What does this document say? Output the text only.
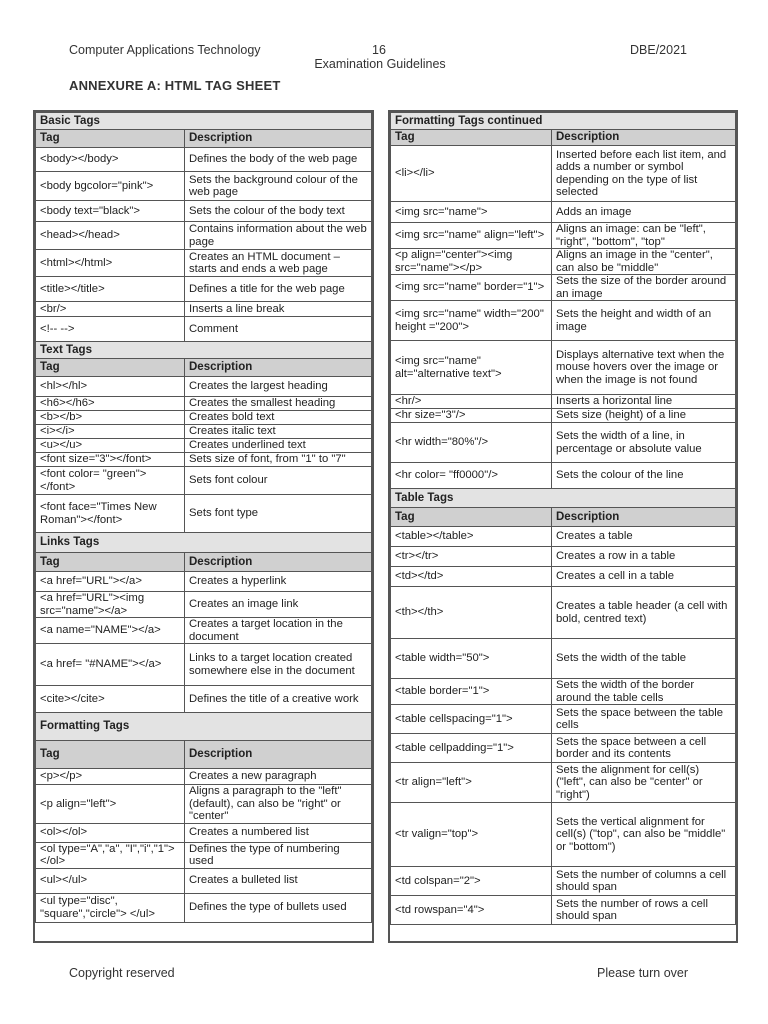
Computer Applications Technology	16	DBE/2021
Examination Guidelines
ANNEXURE A: HTML TAG SHEET
Basic Tags	
Tag	Description
<body></body>	Defines the body of the web page
<body bgcolor="pink">	Sets the background colour of the web page
<body text="black">	Sets the colour of the body text
<head></head>	Contains information about the web page
<html></html>	Creates an HTML document – starts and ends a web page
<title></title>	Defines a title for the web page
<br/>	Inserts a line break
<!-- -->	Comment
Text Tags	
Tag	Description
<hl></hl>	Creates the largest heading
<h6></h6>	Creates the smallest heading
<b></b>	Creates bold text
<i></i>	Creates italic text
<u></u>	Creates underlined text
<font size="3"></font>	Sets size of font, from "1" to "7"
<font color= "green"></font>	Sets font colour
<font face="Times New Roman"></font>	Sets font type
Links Tags	
Tag	Description
<a href="URL"></a>	Creates a hyperlink
<a href="URL"><img src="name"></a>	Creates an image link
<a name="NAME"></a>	Creates a target location in the document
<a href= "#NAME"></a>	Links to a target location created somewhere else in the document
<cite></cite>	Defines the title of a creative work
Formatting Tags	
Tag	Description
<p></p>	Creates a new paragraph
<p align="left">	Aligns a paragraph to the "left" (default), can also be "right" or "center"
<ol></ol>	Creates a numbered list
<ol type="A","a", "I","i","1"></ol>	Defines the type of numbering used
<ul></ul>	Creates a bulleted list
<ul type="disc", "square","circle"> </ul>	Defines the type of bullets used
Formatting Tags continued	
Tag	Description
<li></li>	Inserted before each list item, and adds a number or symbol depending on the type of list selected
<img src="name">	Adds an image
<img src="name" align="left">	Aligns an image: can be "left", "right", "bottom", "top"
<p align="center"><img src="name"></p>	Aligns an image in the "center", can also be "middle"
<img src="name" border="1">	Sets the size of the border around an image
<img src="name" width="200" height ="200">	Sets the height and width of an image
<img src="name" alt="alternative text">	Displays alternative text when the mouse hovers over the image or when the image is not found
<hr/>	Inserts a horizontal line
<hr size="3"/>	Sets size (height) of a line
<hr width="80%"/>	Sets the width of a line, in percentage or absolute value
<hr color= "ff0000"/>	Sets the colour of the line
Table Tags	
Tag	Description
<table></table>	Creates a table
<tr></tr>	Creates a row in a table
<td></td>	Creates a cell in a table
<th></th>	Creates a table header (a cell with bold, centred text)
<table width="50">	Sets the width of the table
<table border="1">	Sets the width of the border around the table cells
<table cellspacing="1">	Sets the space between the table cells
<table cellpadding="1">	Sets the space between a cell border and its contents
<tr align="left">	Sets the alignment for cell(s) ("left", can also be "center" or "right")
<tr valign="top">	Sets the vertical alignment for cell(s) ("top", can also be "middle" or "bottom")
<td colspan="2">	Sets the number of columns a cell should span
<td rowspan="4">	Sets the number of rows a cell should span
Copyright reserved	Please turn over
